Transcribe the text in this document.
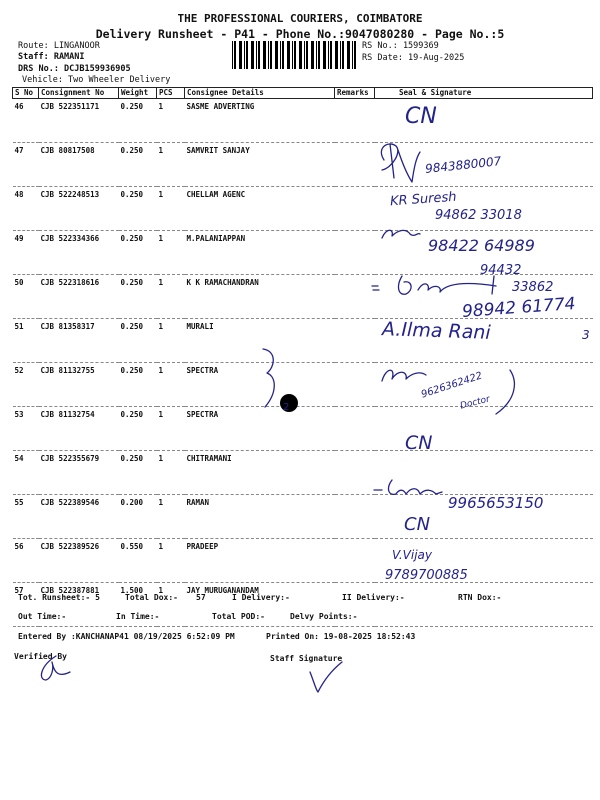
THE PROFESSIONAL COURIERS, COIMBATORE
Delivery Runsheet - P41 - Phone No.:9047080280 - Page No.:5
Route: LINGANOOR
Staff: RAMANI
DRS No.: DCJB159936905
Vehicle: Two Wheeler Delivery
RS No.: 1599369
RS Date: 19-Aug-2025
S No	Consignment No	Weight	PCS	Consignee Details	Remarks	Seal & Signature
46	CJB 522351171	0.250	1	SASME ADVERTING		
47	CJB 80817508	0.250	1	SAMVRIT SANJAY		
48	CJB 522248513	0.250	1	CHELLAM AGENC		
49	CJB 522334366	0.250	1	M.PALANIAPPAN		
50	CJB 522318616	0.250	1	K K RAMACHANDRAN		
51	CJB 81358317	0.250	1	MURALI		
52	CJB 81132755	0.250	1	SPECTRA		
53	CJB 81132754	0.250	1	SPECTRA		
54	CJB 522355679	0.250	1	CHITRAMANI		
55	CJB 522389546	0.200	1	RAMAN		
56	CJB 522389526	0.550	1	PRADEEP		
57	CJB 522387881	1.500	1	JAY MURUGANANDAM		
CN
9843880007
KR Suresh
94862 33018
98422 64989
94432
33862
98942 61774
A.Ilma Rani	3
2
9626362422
Doctor
CN
9965653150
CN
V.Vijay
9789700885
Tot. Runsheet:- 5	Total Dox:- 57	I Delivery:-	II Delivery:-	RTN Dox:-
Out Time:-	In Time:-	Total POD:-	Delvy Points:-
Entered By :KANCHANAP41 08/19/2025 6:52:09 PM	Printed On: 19-08-2025 18:52:43
Verified By	Staff Signature
